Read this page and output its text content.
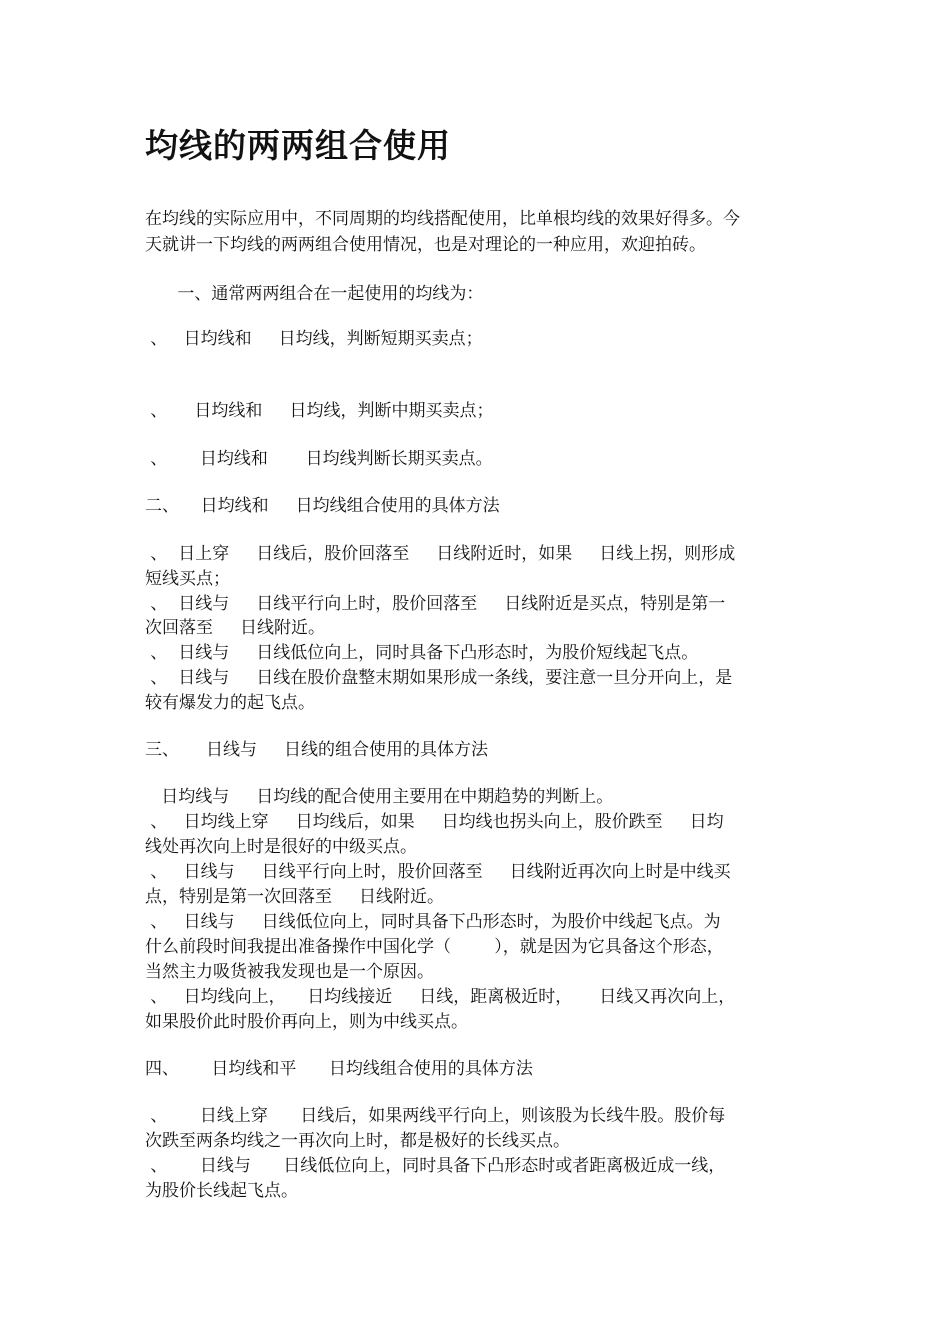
均线的两两组合使用

在均线的实际应用中，不同周期的均线搭配使用，比单根均线的效果好得多。今

天就讲一下均线的两两组合使用情况，也是对理论的一种应用，欢迎拍砖。

一、通常两两组合在一起使用的均线为：

、   日均线和     日均线，判断短期买卖点；

、     日均线和     日均线，判断中期买卖点；

、      日均线和       日均线判断长期买卖点。

二、    日均线和     日均线组合使用的具体方法

、  日上穿     日线后，股价回落至     日线附近时，如果     日线上拐，则形成

短线买点；

、  日线与     日线平行向上时，股价回落至     日线附近是买点，特别是第一

次回落至     日线附近。

、  日线与     日线低位向上，同时具备下凸形态时，为股价短线起飞点。

、  日线与     日线在股价盘整末期如果形成一条线，要注意一旦分开向上，是

较有爆发力的起飞点。

三、     日线与     日线的组合使用的具体方法

日均线与     日均线的配合使用主要用在中期趋势的判断上。

、   日均线上穿     日均线后，如果     日均线也拐头向上，股价跌至     日均

线处再次向上时是很好的中级买点。

、   日线与     日线平行向上时，股价回落至     日线附近再次向上时是中线买

点，特别是第一次回落至     日线附近。

、   日线与     日线低位向上，同时具备下凸形态时，为股价中线起飞点。为

什么前段时间我提出准备操作中国化学（        ），就是因为它具备这个形态，

当然主力吸货被我发现也是一个原因。

、   日均线向上，    日均线接近     日线，距离极近时，     日线又再次向上，

如果股价此时股价再向上，则为中线买点。

四、      日均线和平      日均线组合使用的具体方法

、      日线上穿      日线后，如果两线平行向上，则该股为长线牛股。股价每

次跌至两条均线之一再次向上时，都是极好的长线买点。

、      日线与      日线低位向上，同时具备下凸形态时或者距离极近成一线，

为股价长线起飞点。
